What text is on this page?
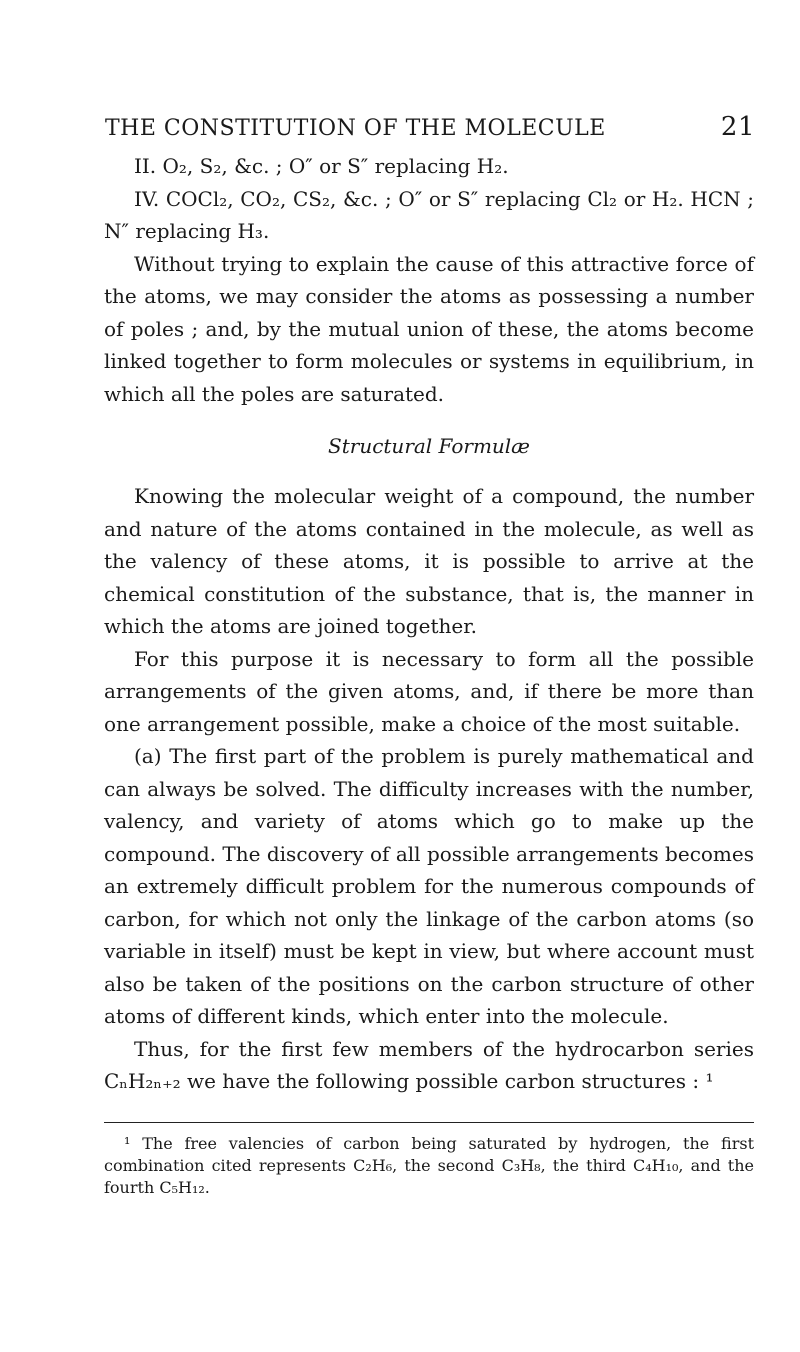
THE CONSTITUTION OF THE MOLECULE	21

II. O₂, S₂, &c. ; O″ or S″ replacing H₂.

IV. COCl₂, CO₂, CS₂, &c. ; O″ or S″ replacing Cl₂ or H₂. HCN ; N″ replacing H₃.

Without trying to explain the cause of this attractive force of the atoms, we may consider the atoms as possessing a number of poles ; and, by the mutual union of these, the atoms become linked together to form molecules or systems in equilibrium, in which all the poles are saturated.

Structural Formulæ

Knowing the molecular weight of a compound, the number and nature of the atoms contained in the molecule, as well as the valency of these atoms, it is possible to arrive at the chemical constitution of the substance, that is, the manner in which the atoms are joined together.

For this purpose it is necessary to form all the possible arrangements of the given atoms, and, if there be more than one arrangement possible, make a choice of the most suitable.

(a) The first part of the problem is purely mathematical and can always be solved. The difficulty increases with the number, valency, and variety of atoms which go to make up the compound. The discovery of all possible arrangements becomes an extremely difficult problem for the numerous compounds of carbon, for which not only the linkage of the carbon atoms (so variable in itself) must be kept in view, but where account must also be taken of the positions on the carbon structure of other atoms of different kinds, which enter into the molecule.

Thus, for the first few members of the hydrocarbon series CₙH₂ₙ₊₂ we have the following possible carbon structures : ¹

¹ The free valencies of carbon being saturated by hydrogen, the first combination cited represents C₂H₆, the second C₃H₈, the third C₄H₁₀, and the fourth C₅H₁₂.
